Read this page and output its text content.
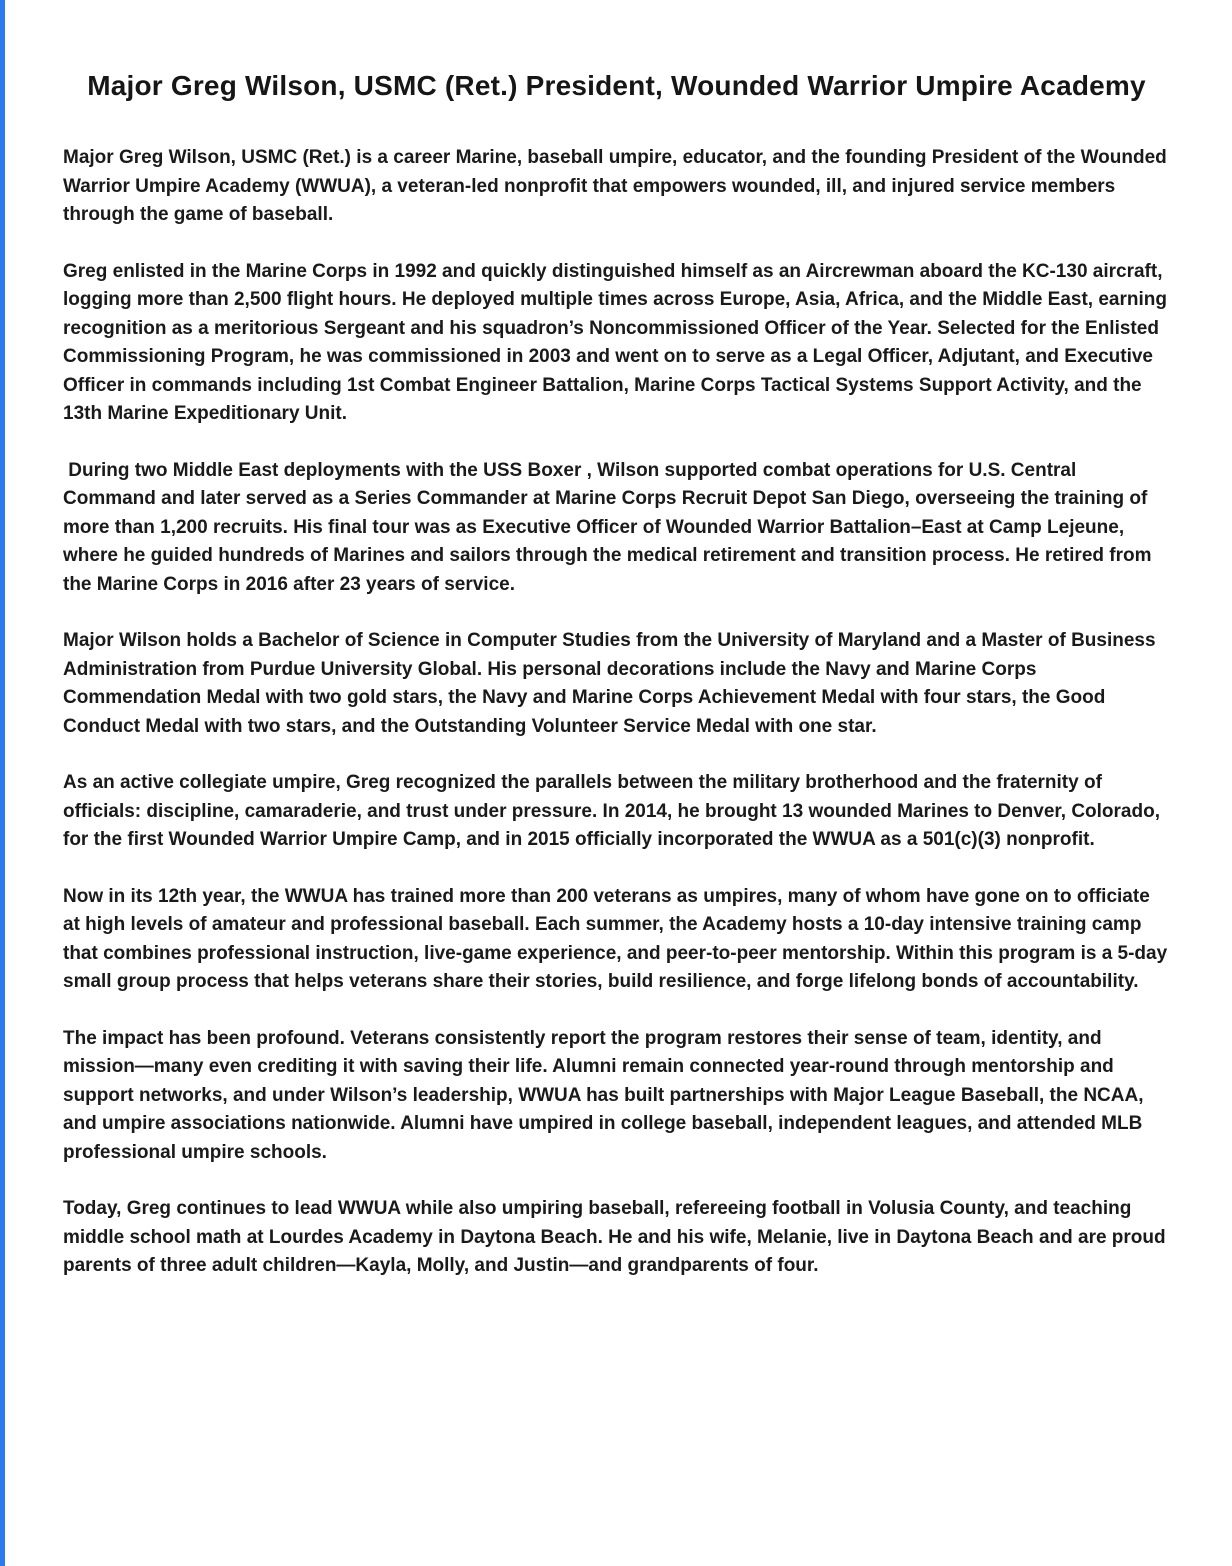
Major Greg Wilson, USMC (Ret.) President, Wounded Warrior Umpire Academy

Major Greg Wilson, USMC (Ret.) is a career Marine, baseball umpire, educator, and the founding President of the Wounded Warrior Umpire Academy (WWUA), a veteran-led nonprofit that empowers wounded, ill, and injured service members through the game of baseball.

Greg enlisted in the Marine Corps in 1992 and quickly distinguished himself as an Aircrewman aboard the KC-130 aircraft, logging more than 2,500 flight hours. He deployed multiple times across Europe, Asia, Africa, and the Middle East, earning recognition as a meritorious Sergeant and his squadron’s Noncommissioned Officer of the Year. Selected for the Enlisted Commissioning Program, he was commissioned in 2003 and went on to serve as a Legal Officer, Adjutant, and Executive Officer in commands including 1st Combat Engineer Battalion, Marine Corps Tactical Systems Support Activity, and the 13th Marine Expeditionary Unit.

During two Middle East deployments with the USS Boxer , Wilson supported combat operations for U.S. Central Command and later served as a Series Commander at Marine Corps Recruit Depot San Diego, overseeing the training of more than 1,200 recruits. His final tour was as Executive Officer of Wounded Warrior Battalion–East at Camp Lejeune, where he guided hundreds of Marines and sailors through the medical retirement and transition process. He retired from the Marine Corps in 2016 after 23 years of service.

Major Wilson holds a Bachelor of Science in Computer Studies from the University of Maryland and a Master of Business Administration from Purdue University Global. His personal decorations include the Navy and Marine Corps Commendation Medal with two gold stars, the Navy and Marine Corps Achievement Medal with four stars, the Good Conduct Medal with two stars, and the Outstanding Volunteer Service Medal with one star.

As an active collegiate umpire, Greg recognized the parallels between the military brotherhood and the fraternity of officials: discipline, camaraderie, and trust under pressure. In 2014, he brought 13 wounded Marines to Denver, Colorado, for the first Wounded Warrior Umpire Camp, and in 2015 officially incorporated the WWUA as a 501(c)(3) nonprofit.

Now in its 12th year, the WWUA has trained more than 200 veterans as umpires, many of whom have gone on to officiate at high levels of amateur and professional baseball. Each summer, the Academy hosts a 10-day intensive training camp that combines professional instruction, live-game experience, and peer-to-peer mentorship. Within this program is a 5-day small group process that helps veterans share their stories, build resilience, and forge lifelong bonds of accountability.

The impact has been profound. Veterans consistently report the program restores their sense of team, identity, and mission—many even crediting it with saving their life. Alumni remain connected year-round through mentorship and support networks, and under Wilson’s leadership, WWUA has built partnerships with Major League Baseball, the NCAA, and umpire associations nationwide. Alumni have umpired in college baseball, independent leagues, and attended MLB professional umpire schools.

Today, Greg continues to lead WWUA while also umpiring baseball, refereeing football in Volusia County, and teaching middle school math at Lourdes Academy in Daytona Beach. He and his wife, Melanie, live in Daytona Beach and are proud parents of three adult children—Kayla, Molly, and Justin—and grandparents of four.
